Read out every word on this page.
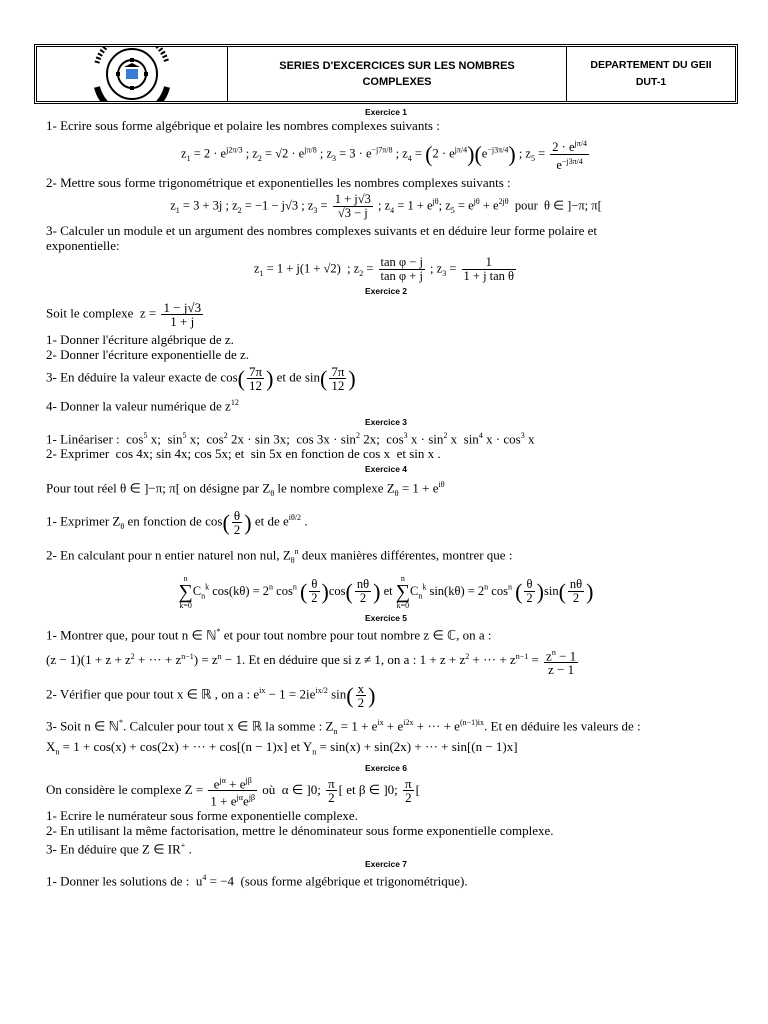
SERIES D'EXCERCICES SUR LES NOMBRES
COMPLEXES
DEPARTEMENT DU GEII
DUT-1
Exercice 1
1- Ecrire sous forme algébrique et polaire les nombres complexes suivants :
$z_1 = 2 \cdot e^{j2\pi/3}$ ; $z_2 = √2 \cdot e^{j\pi/8}$ ; $z_3 = 3 \cdot e^{-j7\pi/8}$ ; $z_4 = (2 \cdot e^{j\pi/4})(e^{-j3\pi/4})$ ; $z_5 = \frac{2 \cdot e^{j\pi/4}}{e^{-j3\pi/4}}$
2- Mettre sous forme trigonométrique et exponentielles les nombres complexes suivants :
$z_1 = 3 + 3j$ ; $z_2 = -1 - j√3$ ; $z_3 = \frac{1 + j√3}{√3 - j}$ ; $z_4 = 1 + e^{j\theta}$; $z_5 = e^{j\theta} + e^{2j\theta}$  pour  θ ∈ ]−π; π[
3- Calculer un module et un argument des nombres complexes suivants et en déduire leur forme polaire et
exponentielle:
$z_1 = 1 + j(1 + √2)$  ; $z_2 = \frac{\text{tan φ − j}}{\text{tan φ + j}}$ ; $z_3 = \frac{1}{\text{1 + j tan θ}}$
Exercice 2
Soit le complexe  $z = \frac{1 - j√3}{1 + j}$
1- Donner l'écriture algébrique de z.
2- Donner l'écriture exponentielle de z.
3- En déduire la valeur exacte de $\cos( \frac{7\pi}{12}$ ) et de $\sin( \frac{7\pi}{12}$ )
4- Donner la valeur numérique de $z^{12}$
Exercice 3
1- Linéariser :  $\cos^5 x$;  $\sin^5 x$;  $\cos^2 2x \cdot \sin 3x$;  $\cos 3x \cdot \sin^2 2x$;  $\cos^3 x \cdot \sin^2 x$  $\sin^4 x \cdot \cos^3 x$
2- Exprimer  cos 4x; sin 4x; cos 5x; et  sin 5x en fonction de cos x  et sin x .
Exercice 4
Pour tout réel θ ∈ ]−π; π[ on désigne par $Z_\theta$ le nombre complexe $Z_\theta = 1 + e^{i\theta}$
1- Exprimer $Z_\theta$ en fonction de $\cos( \frac{\theta}{2}$ ) et de $e^{i\theta/2}$ .
2- En calculant pour n entier naturel non nul, $Z_\theta^n$ deux manières différentes, montrer que :
n
∑
k=0
$C_n^k$ $\cos(k\theta) = 2^n$ $\cos^n$ ( $\frac{\theta}{2} )\cos( \frac{n\theta}{2}$ ) et
n
∑
k=0
$C_n^k$ $\sin(k\theta) = 2^n$ $\cos^n$ ( $\frac{\theta}{2} )\sin( \frac{n\theta}{2}$ )
Exercice 5
1- Montrer que, pour tout n ∈ ℕ* et pour tout nombre pour tout nombre z ∈ ℂ, on a :
$(z - 1)(1 + z + z^2$ + ··· + $z^{n-1}) = z^n - 1$. Et en déduire que si z ≠ 1, on a : $1 + z + z^2$ + ··· + $z^{n-1} = \frac{z^n - 1}{z - 1}$
2- Vérifier que pour tout x ∈ ℝ , on a : $e^{ix} - 1 = 2ie^{ix/2}$ $\sin( \frac{x}{2}$ )
3- Soit n ∈ ℕ*. Calculer pour tout x ∈ ℝ la somme : $Z_n = 1 + e^{ix} + e^{i2x}$ + ··· + $e^{(n-1)ix}$. Et en déduire les valeurs de :
$X_n = 1 + \cos(x) + \cos(2x)$ + ··· + cos[(n − 1)x] et $Y_n = \sin(x) + \sin(2x)$ + ··· + sin[(n − 1)x]
Exercice 6
On considère le complexe $Z = \frac{e^{j\alpha} + e^{j\beta}}{1 + e^{j\alpha}e^{j\beta}}$ où  α ∈ ]0; $\frac{\pi}{2}$ [ et β ∈ ]0; $\frac{\pi}{2}$ [
1- Ecrire le numérateur sous forme exponentielle complexe.
2- En utilisant la même factorisation, mettre le dénominateur sous forme exponentielle complexe.
3- En déduire que Z ∈ IR+ .
Exercice 7
1- Donner les solutions de :  $u^4 = -4$  (sous forme algébrique et trigonométrique).
